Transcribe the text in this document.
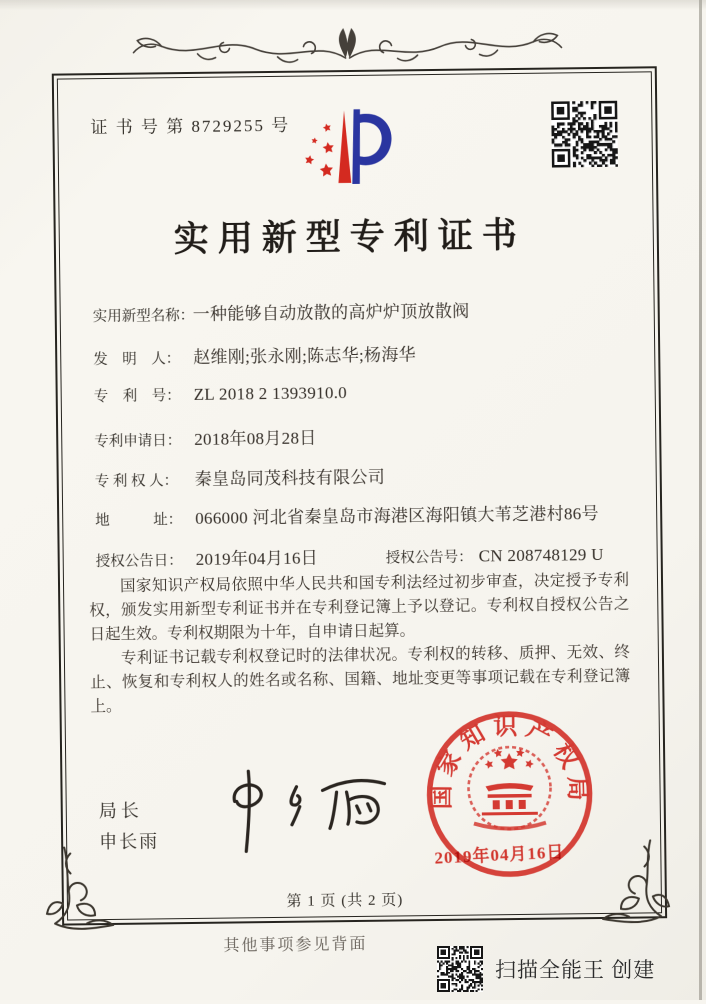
证 书 号 第 8729255 号
实用新型专利证书
实用新型名称：
一种能够自动放散的高炉炉顶放散阀
发　明　人： 赵维刚;张永刚;陈志华;杨海华
专　利　号： ZL 2018 2 1393910.0
专利申请日： 2018年08月28日
专 利 权 人： 秦皇岛同茂科技有限公司
地　　　址： 066000 河北省秦皇岛市海港区海阳镇大苇芝港村86号
授权公告日： 2019年04月16日	授权公告号： CN 208748129 U

国家知识产权局依照中华人民共和国专利法经过初步审查，决定授予专利权，颁发实用新型专利证书并在专利登记簿上予以登记。专利权自授权公告之日起生效。专利权期限为十年，自申请日起算。

专利证书记载专利权登记时的法律状况。专利权的转移、质押、无效、终止、恢复和专利权人的姓名或名称、国籍、地址变更等事项记载在专利登记簿上。

局长
申长雨
国家知识产权局
2019年04月16日
第 1 页 (共 2 页)
其他事项参见背面
扫描全能王 创建
